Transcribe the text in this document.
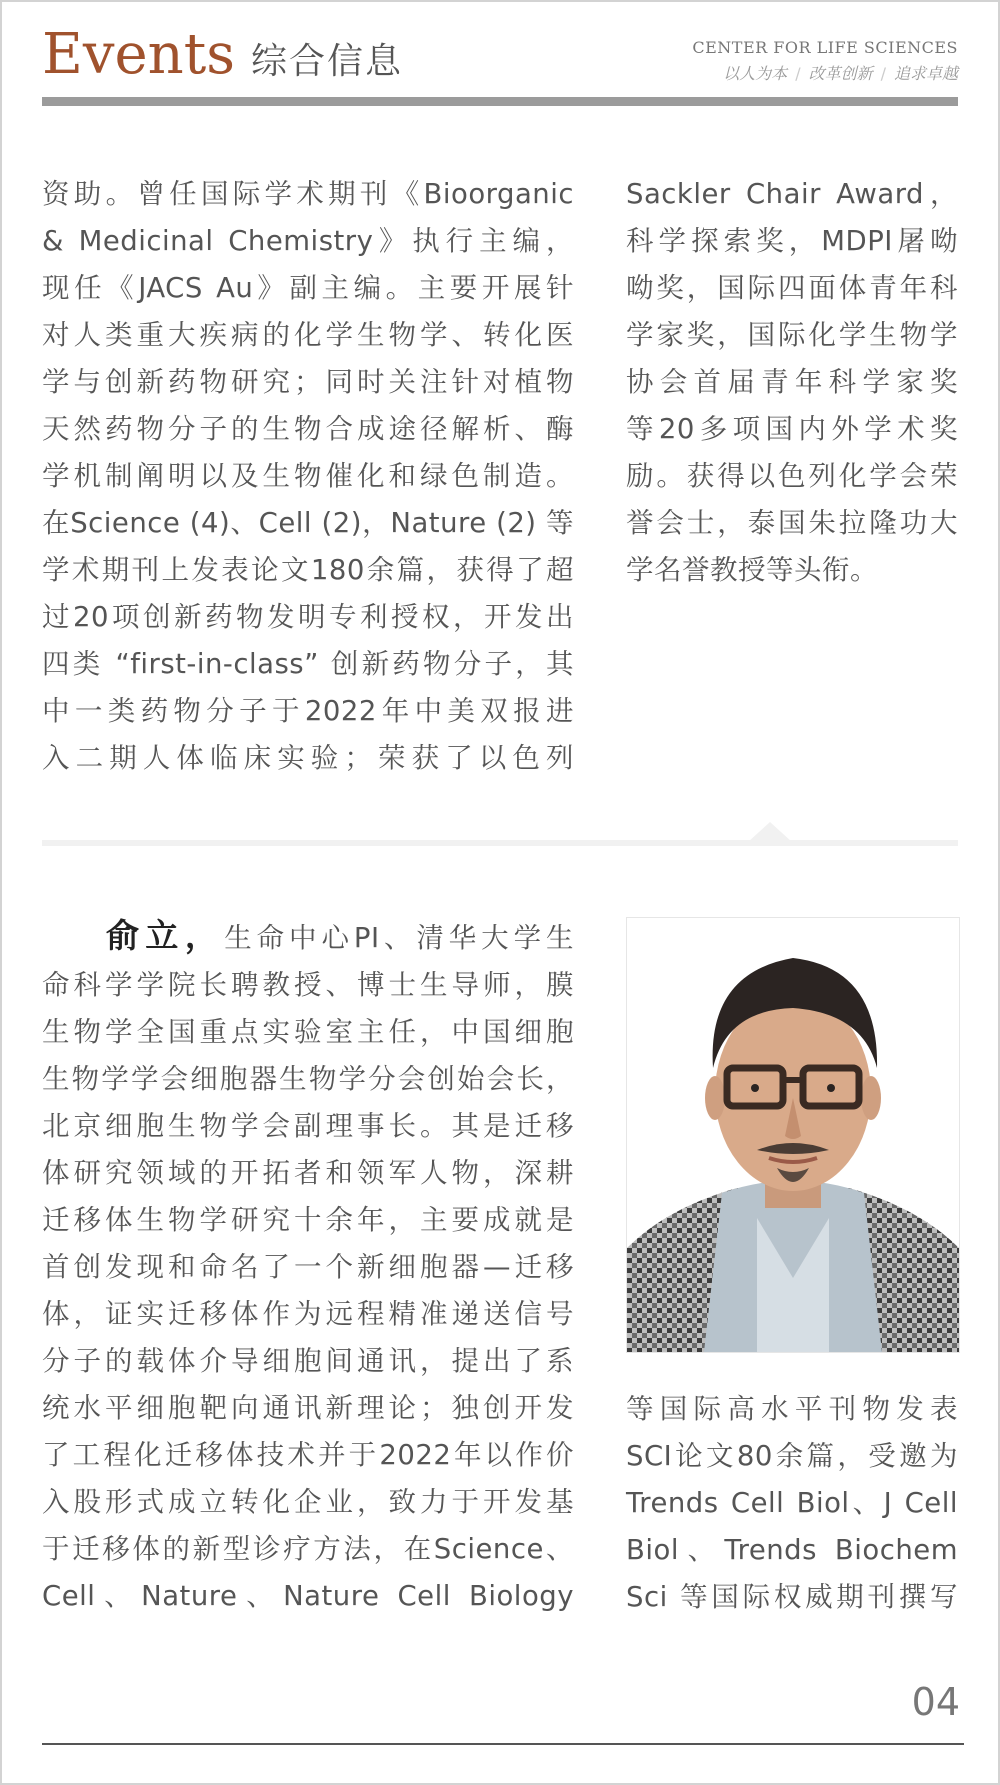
Events 综合信息	CENTER FOR LIFE SCIENCES
以人为本 / 改革创新 / 追求卓越

资助。曾任国际学术期刊《Bioorganic

& Medicinal Chemistry》执行主编，

现任《JACS Au》副主编。主要开展针

对人类重大疾病的化学生物学、转化医

学与创新药物研究；同时关注针对植物

天然药物分子的生物合成途径解析、酶

学机制阐明以及生物催化和绿色制造。

在Science (4)、Cell (2)，Nature (2) 等

学术期刊上发表论文180余篇，获得了超

过20项创新药物发明专利授权，开发出

四类 “first-in-class” 创新药物分子，其

中一类药物分子于2022年中美双报进

入二期人体临床实验；荣获了以色列

Sackler Chair Award，

科学探索奖，MDPI屠呦

呦奖，国际四面体青年科

学家奖，国际化学生物学

协会首届青年科学家奖

等20多项国内外学术奖

励。获得以色列化学会荣

誉会士，泰国朱拉隆功大

学名誉教授等头衔。

俞立，生命中心PI、清华大学生

命科学学院长聘教授、博士生导师，膜

生物学全国重点实验室主任，中国细胞

生物学学会细胞器生物学分会创始会长，

北京细胞生物学会副理事长。其是迁移

体研究领域的开拓者和领军人物，深耕

迁移体生物学研究十余年，主要成就是

首创发现和命名了一个新细胞器—迁移

体，证实迁移体作为远程精准递送信号

分子的载体介导细胞间通讯，提出了系

统水平细胞靶向通讯新理论；独创开发

了工程化迁移体技术并于2022年以作价

入股形式成立转化企业，致力于开发基

于迁移体的新型诊疗方法，在Science、

Cell、Nature、Nature Cell Biology

等国际高水平刊物发表

SCI论文80余篇，受邀为

Trends Cell Biol、J Cell

Biol、Trends Biochem

Sci 等国际权威期刊撰写

04
